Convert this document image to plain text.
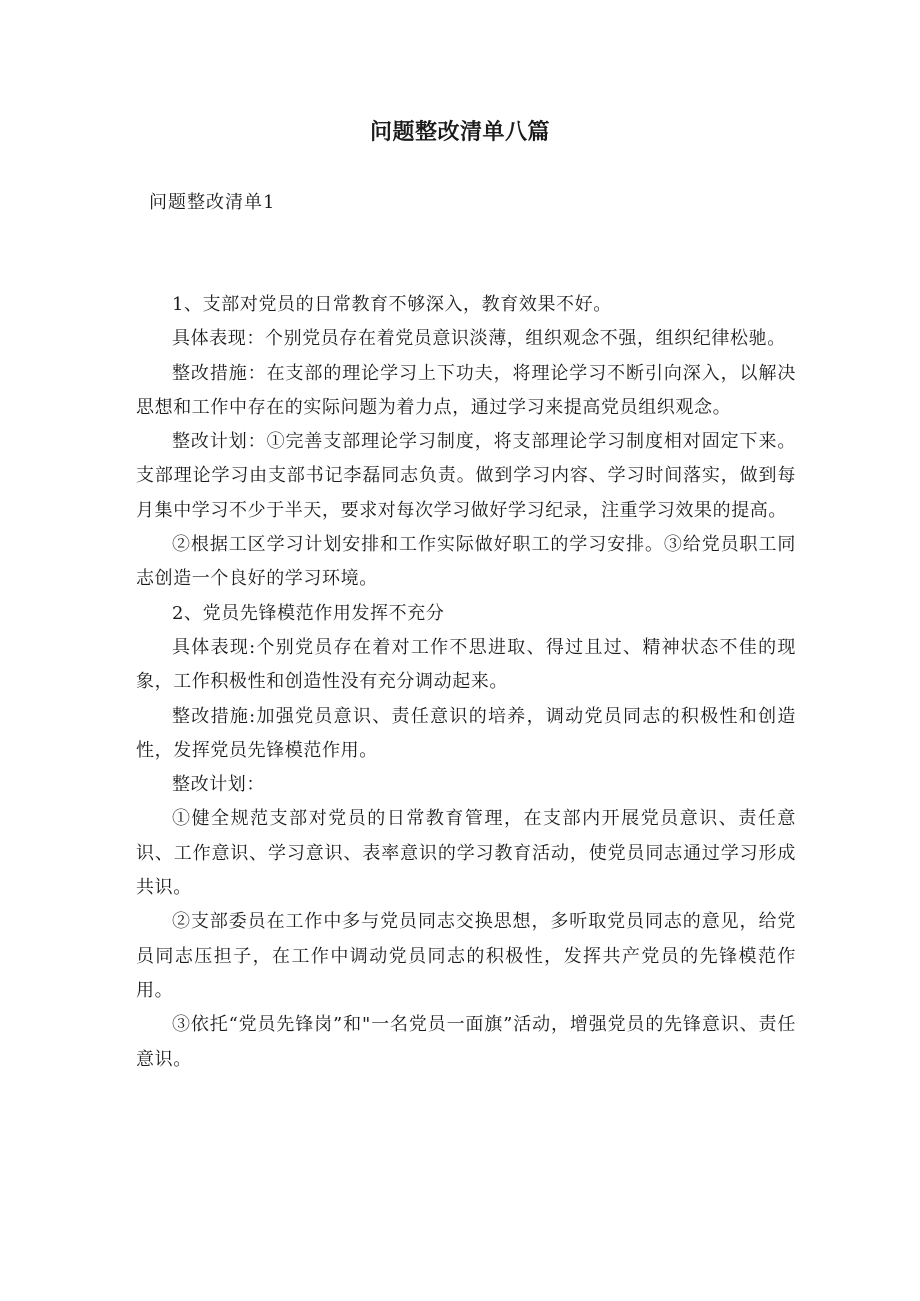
问题整改清单八篇
问题整改清单1

1、支部对党员的日常教育不够深入，教育效果不好。

具体表现：个别党员存在着党员意识淡薄，组织观念不强，组织纪律松驰。

整改措施：在支部的理论学习上下功夫，将理论学习不断引向深入，以解决思想和工作中存在的实际问题为着力点，通过学习来提高党员组织观念。

整改计划：①完善支部理论学习制度，将支部理论学习制度相对固定下来。支部理论学习由支部书记李磊同志负责。做到学习内容、学习时间落实，做到每月集中学习不少于半天，要求对每次学习做好学习纪录，注重学习效果的提高。

②根据工区学习计划安排和工作实际做好职工的学习安排。③给党员职工同志创造一个良好的学习环境。

2、党员先锋模范作用发挥不充分

具体表现:个别党员存在着对工作不思进取、得过且过、精神状态不佳的现象，工作积极性和创造性没有充分调动起来。

整改措施:加强党员意识、责任意识的培养，调动党员同志的积极性和创造性，发挥党员先锋模范作用。

整改计划：

①健全规范支部对党员的日常教育管理，在支部内开展党员意识、责任意识、工作意识、学习意识、表率意识的学习教育活动，使党员同志通过学习形成共识。

②支部委员在工作中多与党员同志交换思想，多听取党员同志的意见，给党员同志压担子，在工作中调动党员同志的积极性，发挥共产党员的先锋模范作用。

③依托“党员先锋岗”和"一名党员一面旗”活动，增强党员的先锋意识、责任意识。
